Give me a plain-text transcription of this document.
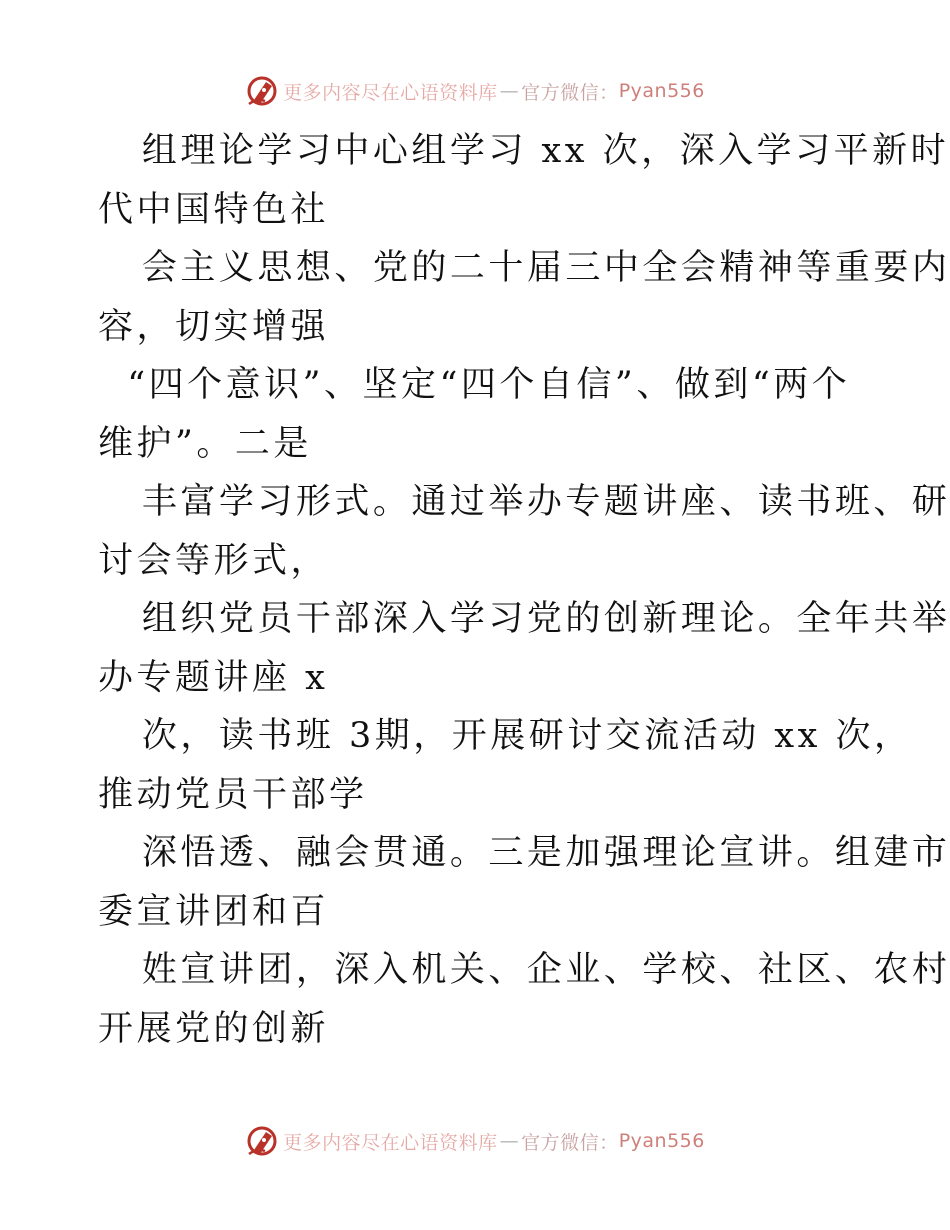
更多内容尽在心语资料库 — 官方微信： Pyan556
组理论学习中心组学习 xx 次，深入学习平新时
代中国特色社
会主义思想、党的二十届三中全会精神等重要内
容，切实增强
“四个意识”、坚定“四个自信”、做到“两个
维护”。二是
丰富学习形式。通过举办专题讲座、读书班、研
讨会等形式，
组织党员干部深入学习党的创新理论。全年共举
办专题讲座 x
次，读书班 3期，开展研讨交流活动 xx 次，
推动党员干部学
深悟透、融会贯通。三是加强理论宣讲。组建市
委宣讲团和百
姓宣讲团，深入机关、企业、学校、社区、农村
开展党的创新
更多内容尽在心语资料库 — 官方微信： Pyan556
